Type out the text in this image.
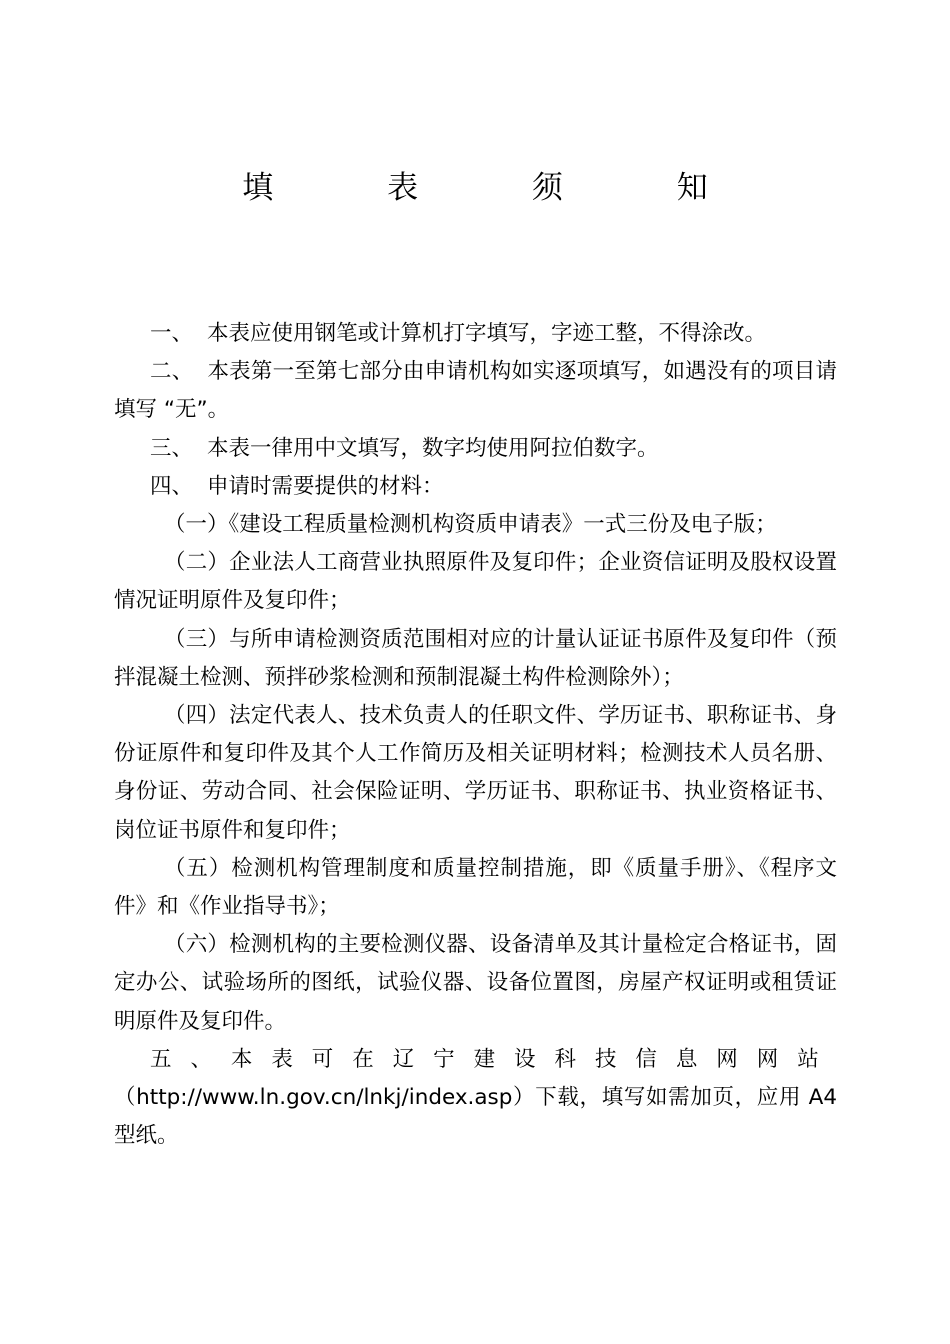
填 表 须 知

一、 本表应使用钢笔或计算机打字填写，字迹工整，不得涂改。

二、 本表第一至第七部分由申请机构如实逐项填写，如遇没有的项目请填写 “无”。

三、 本表一律用中文填写，数字均使用阿拉伯数字。

四、 申请时需要提供的材料：

（一）《建设工程质量检测机构资质申请表》一式三份及电子版；

（二）企业法人工商营业执照原件及复印件；企业资信证明及股权设置情况证明原件及复印件；

（三）与所申请检测资质范围相对应的计量认证证书原件及复印件（预拌混凝土检测、预拌砂浆检测和预制混凝土构件检测除外）；

（四）法定代表人、技术负责人的任职文件、学历证书、职称证书、身份证原件和复印件及其个人工作简历及相关证明材料；检测技术人员名册、身份证、劳动合同、社会保险证明、学历证书、职称证书、执业资格证书、岗位证书原件和复印件；

（五）检测机构管理制度和质量控制措施，即《质量手册》、《程序文件》和《作业指导书》；

（六）检测机构的主要检测仪器、设备清单及其计量检定合格证书，固定办公、试验场所的图纸，试验仪器、设备位置图，房屋产权证明或租赁证明原件及复印件。

五、本表可在辽宁建设科技信息网网站（http://www.ln.gov.cn/lnkj/index.asp）下载，填写如需加页，应用 A4 型纸。
